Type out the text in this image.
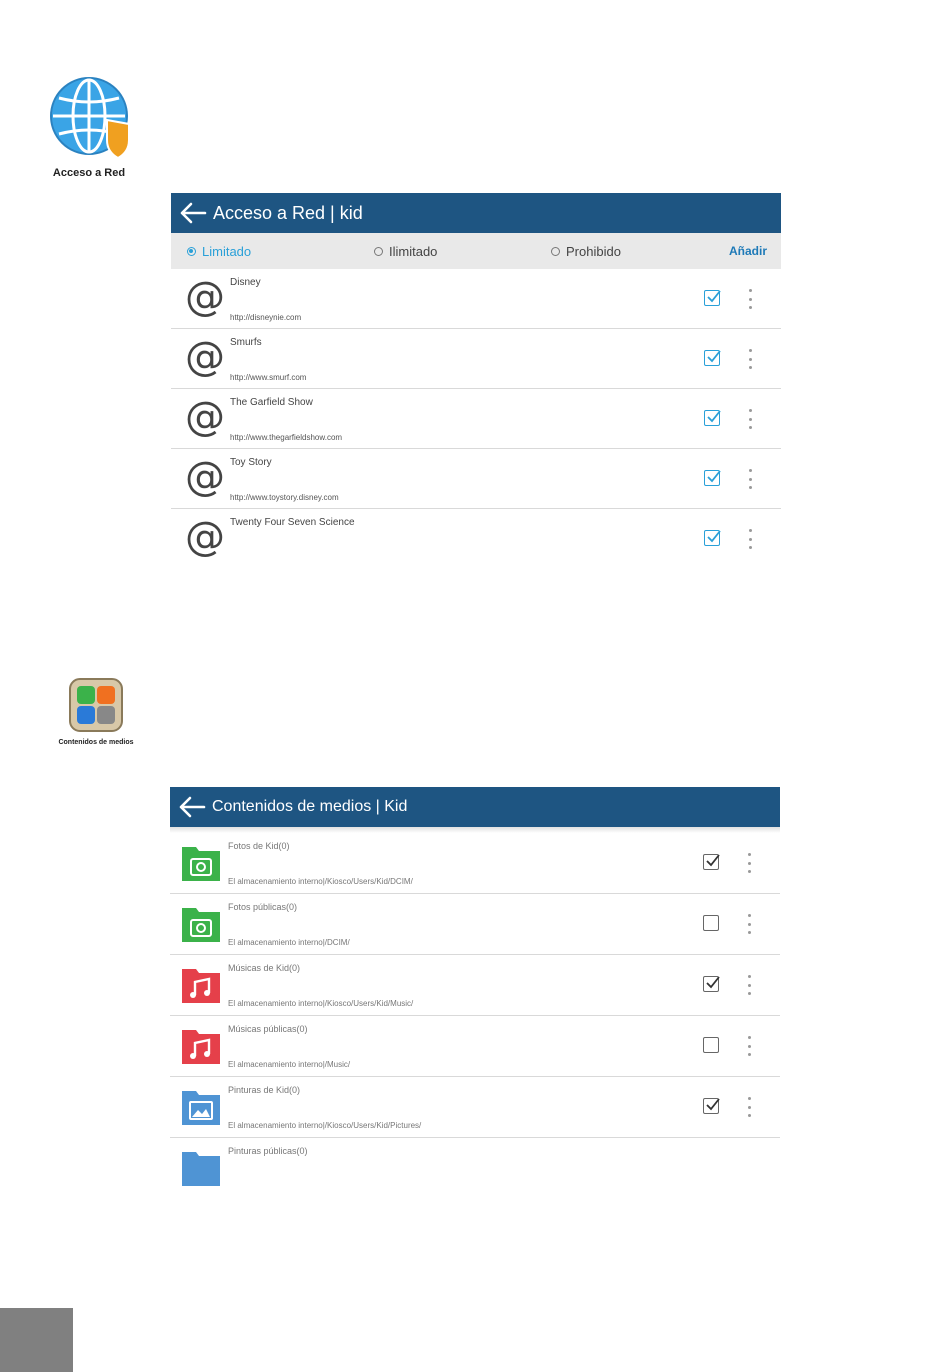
Acceso a Red
Acceso a Red | kid
Limitado	Ilimitado	Prohibido	Añadir
@ Disney
http://disneynie.com
@ Smurfs
http://www.smurf.com
@ The Garfield Show
http://www.thegarfieldshow.com
@ Toy Story
http://www.toystory.disney.com
@ Twenty Four Seven Science
Contenidos de medios
Contenidos de medios | Kid
Fotos de Kid(0)
El almacenamiento interno|/Kiosco/Users/Kid/DCIM/
Fotos públicas(0)
El almacenamiento interno|/DCIM/
Músicas de Kid(0)
El almacenamiento interno|/Kiosco/Users/Kid/Music/
Músicas públicas(0)
El almacenamiento interno|/Music/
Pinturas de Kid(0)
El almacenamiento interno|/Kiosco/Users/Kid/Pictures/
Pinturas públicas(0)
